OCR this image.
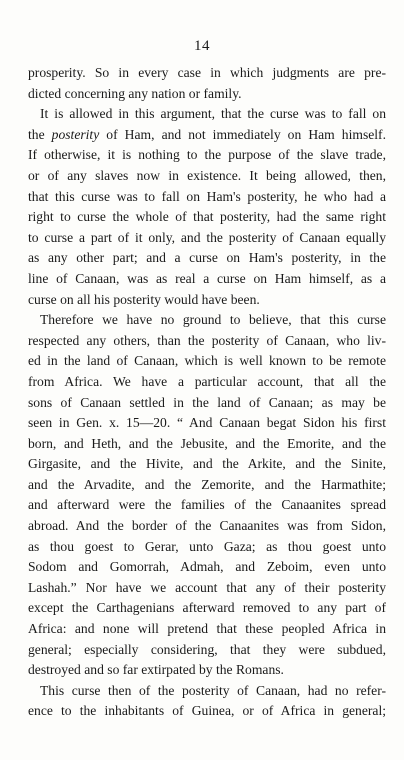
14
prosperity. So in every case in which judgments are pre-
dicted concerning any nation or family.
It is allowed in this argument, that the curse was to fall on
the posterity of Ham, and not immediately on Ham himself.
If otherwise, it is nothing to the purpose of the slave trade,
or of any slaves now in existence. It being allowed, then,
that this curse was to fall on Ham's posterity, he who had a
right to curse the whole of that posterity, had the same right
to curse a part of it only, and the posterity of Canaan equally
as any other part; and a curse on Ham's posterity, in the
line of Canaan, was as real a curse on Ham himself, as a
curse on all his posterity would have been.
Therefore we have no ground to believe, that this curse
respected any others, than the posterity of Canaan, who liv-
ed in the land of Canaan, which is well known to be remote
from Africa. We have a particular account, that all the
sons of Canaan settled in the land of Canaan; as may be
seen in Gen. x. 15—20. “ And Canaan begat Sidon his first
born, and Heth, and the Jebusite, and the Emorite, and the
Girgasite, and the Hivite, and the Arkite, and the Sinite,
and the Arvadite, and the Zemorite, and the Harmathite;
and afterward were the families of the Canaanites spread
abroad. And the border of the Canaanites was from Sidon,
as thou goest to Gerar, unto Gaza; as thou goest unto
Sodom and Gomorrah, Admah, and Zeboim, even unto
Lashah.” Nor have we account that any of their posterity
except the Carthagenians afterward removed to any part of
Africa: and none will pretend that these peopled Africa in
general; especially considering, that they were subdued,
destroyed and so far extirpated by the Romans.
This curse then of the posterity of Canaan, had no refer-
ence to the inhabitants of Guinea, or of Africa in general;
